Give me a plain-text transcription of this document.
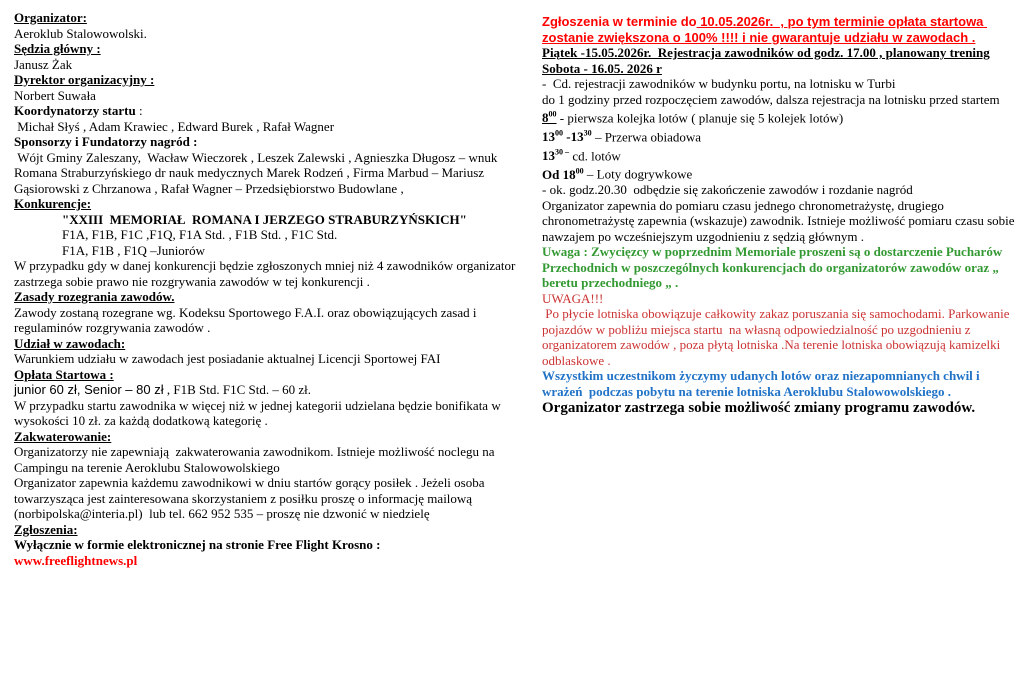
Organizator:
Aeroklub Stalowowolski.
Sędzia główny :
Janusz Żak
Dyrektor organizacyjny :
Norbert Suwała
Koordynatorzy startu :
Michał Słyś , Adam Krawiec , Edward Burek , Rafał Wagner
Sponsorzy i Fundatorzy nagród :

Wójt Gminy Zaleszany,  Wacław Wieczorek , Leszek Zalewski , Agnieszka Długosz – wnuk Romana Straburzyńskiego dr nauk medycznych Marek Rodzeń , Firma Marbud – Mariusz Gąsiorowski z Chrzanowa , Rafał Wagner – Przedsiębiorstwo Budowlane ,

Konkurencje:
"XXIII  MEMORIAŁ  ROMANA I JERZEGO STRABURZYŃSKICH"
F1A, F1B, F1C ,F1Q, F1A Std. , F1B Std. , F1C Std.
F1A, F1B , F1Q –Juniorów

W przypadku gdy w danej konkurencji będzie zgłoszonych mniej niż 4 zawodników organizator zastrzega sobie prawo nie rozgrywania zawodów w tej konkurencji .

Zasady rozegrania zawodów.

Zawody zostaną rozegrane wg. Kodeksu Sportowego F.A.I. oraz obowiązujących zasad i regulaminów rozgrywania zawodów .

Udział w zawodach:

Warunkiem udziału w zawodach jest posiadanie aktualnej Licencji Sportowej FAI

Opłata Startowa :
junior 60 zł, Senior – 80 zł , F1B Std. F1C Std. – 60 zł.

W przypadku startu zawodnika w więcej niż w jednej kategorii udzielana będzie bonifikata w wysokości 10 zł. za każdą dodatkową kategorię .

Zakwaterowanie:

Organizatorzy nie zapewniają  zakwaterowania zawodnikom. Istnieje możliwość noclegu na Campingu na terenie Aeroklubu Stalowowolskiego

Organizator zapewnia każdemu zawodnikowi w dniu startów gorący posiłek . Jeżeli osoba towarzysząca jest zainteresowana skorzystaniem z posiłku proszę o informację mailową (norbipolska@interia.pl)  lub tel. 662 952 535 – proszę nie dzwonić w niedzielę

Zgłoszenia:

Wyłącznie w formie elektronicznej na stronie Free Flight Krosno : www.freeflightnews.pl

Zgłoszenia w terminie do 10.05.2026r.  , po tym terminie opłata startowa zostanie zwiększona o 100% !!!! i nie gwarantuje udziału w zawodach .

Piątek -15.05.2026r.  Rejestracja zawodników od godz. 17.00 , planowany trening

Sobota - 16.05. 2026 r

-  Cd. rejestracji zawodników w budynku portu, na lotnisku w Turbi

do 1 godziny przed rozpoczęciem zawodów, dalsza rejestracja na lotnisku przed startem

$8^{00}$ - pierwsza kolejka lotów ( planuje się 5 kolejek lotów)

$13^{00}$ $-13^{30}$ – Przerwa obiadowa

$13^{30 -}$ cd. lotów

Od $18^{00}$ – Loty dogrywkowe

- ok. godz.20.30  odbędzie się zakończenie zawodów i rozdanie nagród

Organizator zapewnia do pomiaru czasu jednego chronometrażystę, drugiego chronometrażystę zapewnia (wskazuje) zawodnik. Istnieje możliwość pomiaru czasu sobie nawzajem po wcześniejszym uzgodnieniu z sędzią głównym .

Uwaga : Zwycięzcy w poprzednim Memoriale proszeni są o dostarczenie Pucharów Przechodnich w poszczególnych konkurencjach do organizatorów zawodów oraz „ beretu przechodniego „ .

UWAGA!!!
Po płycie lotniska obowiązuje całkowity zakaz poruszania się samochodami. Parkowanie pojazdów w pobliżu miejsca startu  na własną odpowiedzialność po uzgodnieniu z organizatorem zawodów , poza płytą lotniska .Na terenie lotniska obowiązują kamizelki odblaskowe .

Wszystkim uczestnikom życzymy udanych lotów oraz niezapomnianych chwil i wrażeń  podczas pobytu na terenie lotniska Aeroklubu Stalowowolskiego .
Organizator zastrzega sobie możliwość zmiany programu zawodów.
